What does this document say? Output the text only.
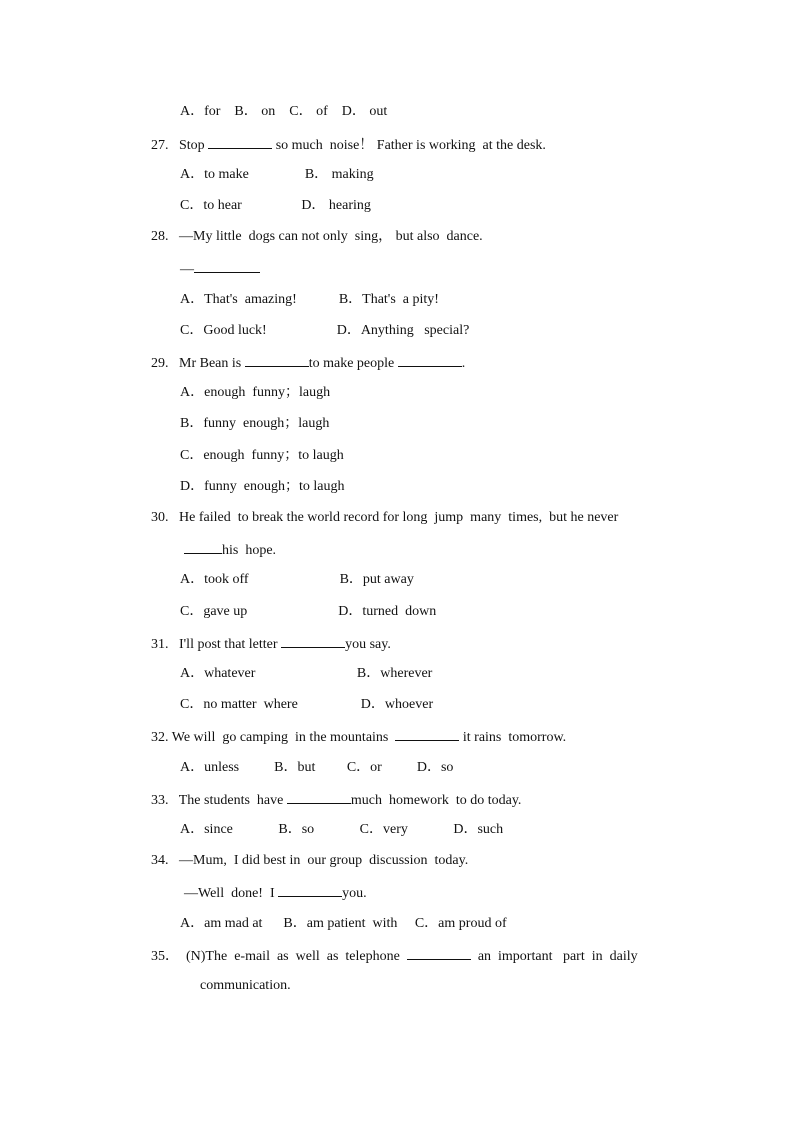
A．for    B． on    C． of    D． out
27.   Stop	so much  noise！ Father is working  at the desk.
A．to make                B． making
C．to hear                 D． hearing
28.   —My little  dogs can not only  sing， but also  dance.
—
A．That's  amazing!            B．That's  a pity!
C．Good luck!                    D．Anything   special?
29.   Mr Bean is	to make people	.
A．enough  funny；laugh
B．funny  enough；laugh
C．enough  funny；to laugh
D．funny  enough；to laugh
30.   He failed  to break the world record for long  jump  many  times,  but he never
his  hope.
A．took off                          B．put away
C．gave up                          D．turned  down
31.   I'll post that letter	you say.
A．whatever                             B．wherever
C．no matter  where                  D．whoever
32. We will  go camping  in the mountains	it rains  tomorrow.
A．unless          B．but         C．or          D．so
33.   The students  have	much  homework  to do today.
A．since             B．so             C．very             D．such
34.   —Mum,  I did best in  our group  discussion  today.
—Well  done!  I	you.
A．am mad at      B．am patient  with     C．am proud of
35．  (N)The  e-mail  as  well  as  telephone	an  important   part  in  daily
communication.
